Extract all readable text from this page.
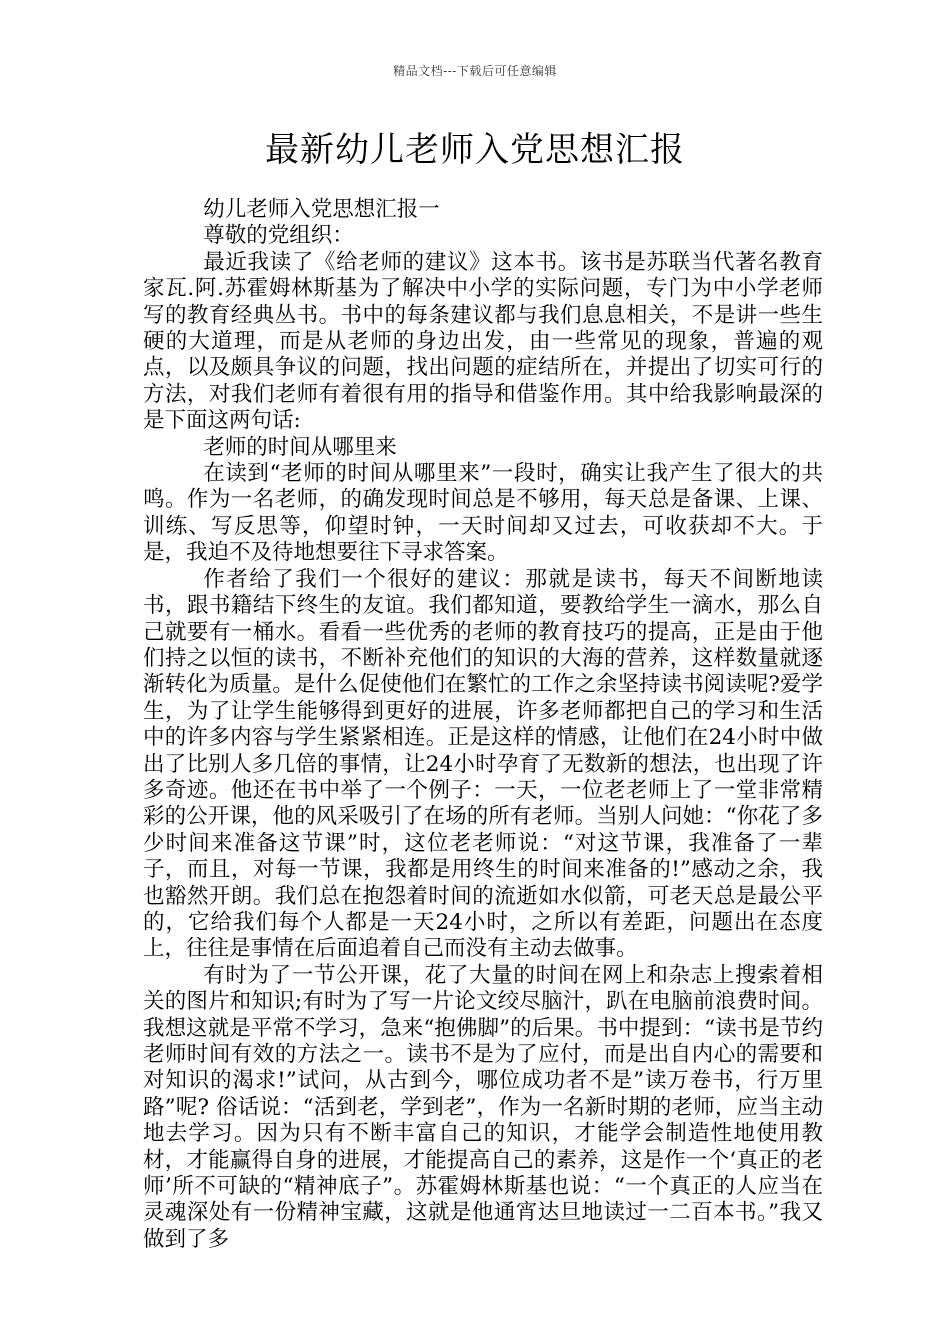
精品文档---下载后可任意编辑
最新幼儿老师入党思想汇报

幼儿老师入党思想汇报一

尊敬的党组织：

最近我读了《给老师的建议》这本书。该书是苏联当代著名教育家瓦.阿.苏霍姆林斯基为了解决中小学的实际问题，专门为中小学老师写的教育经典丛书。书中的每条建议都与我们息息相关，不是讲一些生硬的大道理，而是从老师的身边出发，由一些常见的现象，普遍的观点，以及颇具争议的问题，找出问题的症结所在，并提出了切实可行的方法，对我们老师有着很有用的指导和借鉴作用。其中给我影响最深的是下面这两句话:

老师的时间从哪里来

在读到“老师的时间从哪里来”一段时，确实让我产生了很大的共鸣。作为一名老师，的确发现时间总是不够用，每天总是备课、上课、训练、写反思等，仰望时钟，一天时间却又过去，可收获却不大。于是，我迫不及待地想要往下寻求答案。

作者给了我们一个很好的建议：那就是读书，每天不间断地读书，跟书籍结下终生的友谊。我们都知道，要教给学生一滴水，那么自己就要有一桶水。看看一些优秀的老师的教育技巧的提高，正是由于他们持之以恒的读书，不断补充他们的知识的大海的营养，这样数量就逐渐转化为质量。是什么促使他们在繁忙的工作之余坚持读书阅读呢?爱学生，为了让学生能够得到更好的进展，许多老师都把自己的学习和生活中的许多内容与学生紧紧相连。正是这样的情感，让他们在24小时中做出了比别人多几倍的事情，让24小时孕育了无数新的想法，也出现了许多奇迹。他还在书中举了一个例子：一天，一位老老师上了一堂非常精彩的公开课，他的风采吸引了在场的所有老师。当别人问她：“你花了多少时间来准备这节课”时，这位老老师说：“对这节课，我准备了一辈子，而且，对每一节课，我都是用终生的时间来准备的!”感动之余，我也豁然开朗。我们总在抱怨着时间的流逝如水似箭，可老天总是最公平的，它给我们每个人都是一天24小时，之所以有差距，问题出在态度上，往往是事情在后面追着自己而没有主动去做事。

有时为了一节公开课，花了大量的时间在网上和杂志上搜索着相关的图片和知识;有时为了写一片论文绞尽脑汁，趴在电脑前浪费时间。我想这就是平常不学习，急来“抱佛脚”的后果。书中提到：“读书是节约老师时间有效的方法之一。读书不是为了应付，而是出自内心的需要和对知识的渴求!”试问，从古到今，哪位成功者不是”读万卷书，行万里路”呢? 俗话说：“活到老，学到老”，作为一名新时期的老师，应当主动地去学习。因为只有不断丰富自己的知识，才能学会制造性地使用教材，才能赢得自身的进展，才能提高自己的素养，这是作一个‘真正的老师’所不可缺的“精神底子”。苏霍姆林斯基也说：“一个真正的人应当在灵魂深处有一份精神宝藏，这就是他通宵达旦地读过一二百本书。”我又做到了多
